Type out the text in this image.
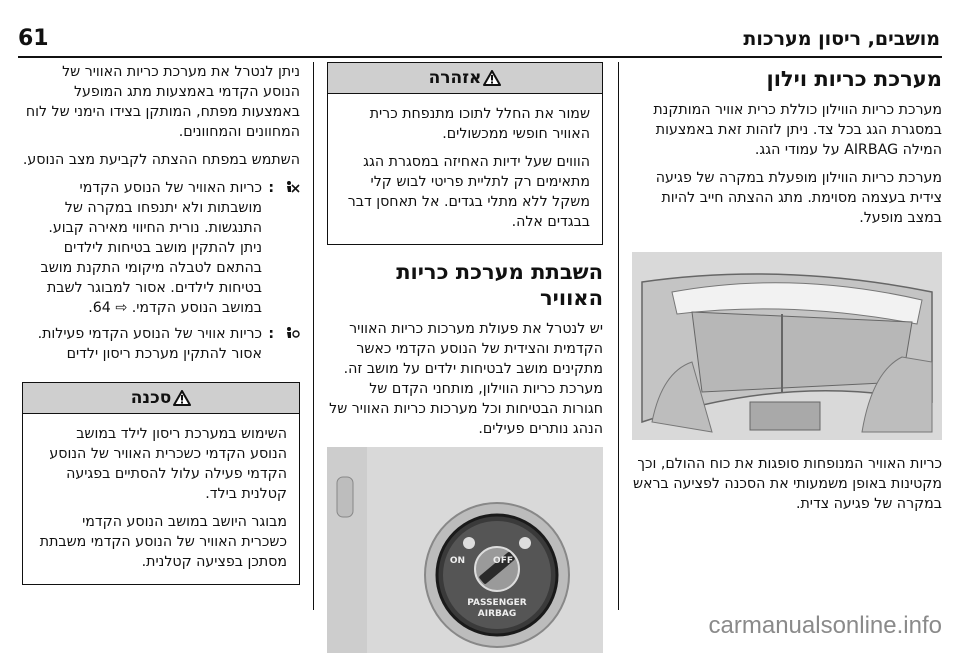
מושבים, ריסון מערכות
61
מערכת כריות וילון

מערכת כריות הווילון כוללת כרית אוויר המותקנת במסגרת הגג בכל צד. ניתן לזהות זאת באמצעות המילה AIRBAG על עמודי הגג.

מערכת כריות הווילון מופעלת במקרה של פגיעה צידית בעצמה מסוימת. מתג ההצתה חייב להיות במצב מופעל.

כריות האוויר המנופחות סופגות את כוח ההולם, וכך מקטינות באופן משמעותי את הסכנה לפציעה בראש במקרה של פגיעה צדית.

אזהרה

שמור את החלל לתוכו מתנפחת כרית האוויר חופשי ממכשולים.

הוווים שעל ידיות האחיזה במסגרת הגג מתאימים רק לתליית פריטי לבוש קלי משקל ללא מתלי בגדים. אל תאחסן דבר בבגדים אלה.

השבתת מערכת כריות האוויר

יש לנטרל את פעולת מערכות כריות האוויר הקדמית והצידית של הנוסע הקדמי כאשר מתקינים מושב לבטיחות ילדים על מושב זה. מערכת כריות הווילון, מותחני הקדם של חגורות הבטיחות וכל מערכות כריות האוויר של הנהג נותרים פעילים.

ON	OFF
PASSENGER
AIRBAG

ניתן לנטרל את מערכת כריות האוויר של הנוסע הקדמי באמצעות מתג המופעל באמצעות מפתח, המותקן בצידו הימני של לוח המחוונים והמחוונים.

השתמש במפתח ההצתה לקביעת מצב הנוסע.

:
כריות האוויר של הנוסע הקדמי מושבתות ולא יתנפחו במקרה של התנגשות. נורית החיווי מאירה קבוע. ניתן להתקין מושב בטיחות לילדים בהתאם לטבלה מיקומי התקנת מושב בטיחות לילדים. אסור למבוגר לשבת במושב הנוסע הקדמי. ⇨ 64.
:
כריות אוויר של הנוסע הקדמי פעילות. אסור להתקין מערכת ריסון ילדים
סכנה

השימוש במערכת ריסון לילד במושב הנוסע הקדמי כשכרית האוויר של הנוסע הקדמי פעילה עלול להסתיים בפגיעה קטלנית בילד.

מבוגר היושב במושב הנוסע הקדמי כשכרית האוויר של הנוסע הקדמי משבתת מסתכן בפציעה קטלנית.

carmanualsonline.info
